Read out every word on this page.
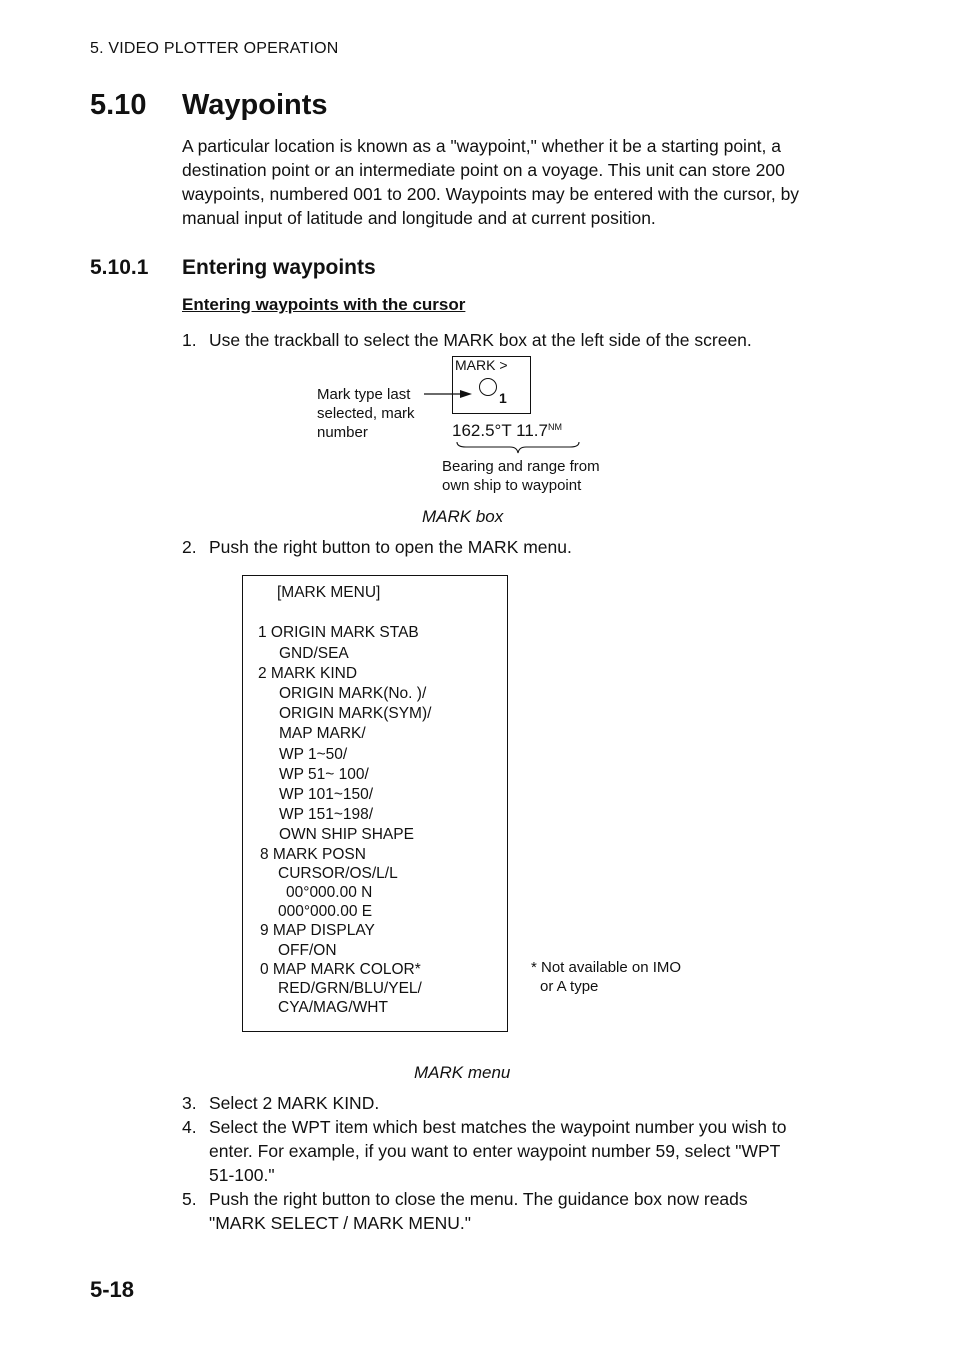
5. VIDEO PLOTTER OPERATION
5.10 Waypoints
A particular location is known as a "waypoint," whether it be a starting point, a
destination point or an intermediate point on a voyage. This unit can store 200
waypoints, numbered 001 to 200. Waypoints may be entered with the cursor, by
manual input of latitude and longitude and at current position.
5.10.1 Entering waypoints
Entering waypoints with the cursor
1. Use the trackball to select the MARK box at the left side of the screen.
Mark type last
selected, mark
number
MARK >
1
162.5°T $11.7^{NM}$
Bearing and range from
own ship to waypoint
MARK box
2. Push the right button to open the MARK menu.
[MARK MENU]
1 ORIGIN MARK STAB
GND/SEA
2 MARK KIND
ORIGIN MARK(No. )/
ORIGIN MARK(SYM)/
MAP MARK/
WP 1~50/
WP 51~ 100/
WP 101~150/
WP 151~198/
OWN SHIP SHAPE
8 MARK POSN
CURSOR/OS/L/L
00°000.00 N
000°000.00 E
9 MAP DISPLAY
OFF/ON
0 MAP MARK COLOR*
RED/GRN/BLU/YEL/
CYA/MAG/WHT
* Not available on IMO
or A type
MARK menu
3. Select 2 MARK KIND.
4. Select the WPT item which best matches the waypoint number you wish to
enter. For example, if you want to enter waypoint number 59, select "WPT
51-100."
5. Push the right button to close the menu. The guidance box now reads
"MARK SELECT / MARK MENU."
5-18
